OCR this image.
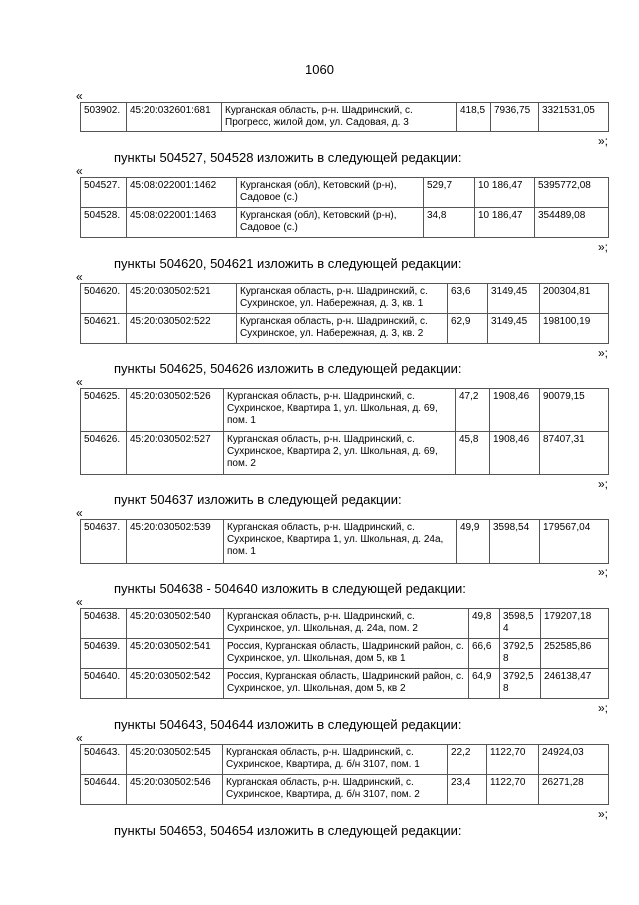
1060
«
503902.	45:20:032601:681	Курганская область, р-н. Шадринский, с. Прогресс, жилой дом, ул. Садовая, д. 3	418,5	7936,75	3321531,05
»;
пункты 504527, 504528 изложить в следующей редакции:
«
504527.	45:08:022001:1462	Курганская (обл), Кетовский (р-н), Садовое (с.)	529,7	10 186,47	5395772,08
504528.	45:08:022001:1463	Курганская (обл), Кетовский (р-н), Садовое (с.)	34,8	10 186,47	354489,08
»;
пункты 504620, 504621 изложить в следующей редакции:
«
504620.	45:20:030502:521	Курганская область, р-н. Шадринский, с. Сухринское, ул. Набережная, д. 3, кв. 1	63,6	3149,45	200304,81
504621.	45:20:030502:522	Курганская область, р-н. Шадринский, с. Сухринское, ул. Набережная, д. 3, кв. 2	62,9	3149,45	198100,19
»;
пункты 504625, 504626 изложить в следующей редакции:
«
504625.	45:20:030502:526	Курганская область, р-н. Шадринский, с. Сухринское, Квартира 1, ул. Школьная, д. 69, пом. 1	47,2	1908,46	90079,15
504626.	45:20:030502:527	Курганская область, р-н. Шадринский, с. Сухринское, Квартира 2, ул. Школьная, д. 69, пом. 2	45,8	1908,46	87407,31
»;
пункт 504637 изложить в следующей редакции:
«
504637.	45:20:030502:539	Курганская область, р-н. Шадринский, с. Сухринское, Квартира 1, ул. Школьная, д. 24а, пом. 1	49,9	3598,54	179567,04
»;
пункты 504638 - 504640 изложить в следующей редакции:
«
504638.	45:20:030502:540	Курганская область, р-н. Шадринский, с. Сухринское, ул. Школьная, д. 24а, пом. 2	49,8	3598,54	179207,18
504639.	45:20:030502:541	Россия, Курганская область, Шадринский район, с. Сухринское, ул. Школьная, дом 5, кв 1	66,6	3792,58	252585,86
504640.	45:20:030502:542	Россия, Курганская область, Шадринский район, с. Сухринское, ул. Школьная, дом 5, кв 2	64,9	3792,58	246138,47
»;
пункты 504643, 504644 изложить в следующей редакции:
«
504643.	45:20:030502:545	Курганская область, р-н. Шадринский, с. Сухринское, Квартира, д. б/н 3107, пом. 1	22,2	1122,70	24924,03
504644.	45:20:030502:546	Курганская область, р-н. Шадринский, с. Сухринское, Квартира, д. б/н 3107, пом. 2	23,4	1122,70	26271,28
»;
пункты 504653, 504654 изложить в следующей редакции:
